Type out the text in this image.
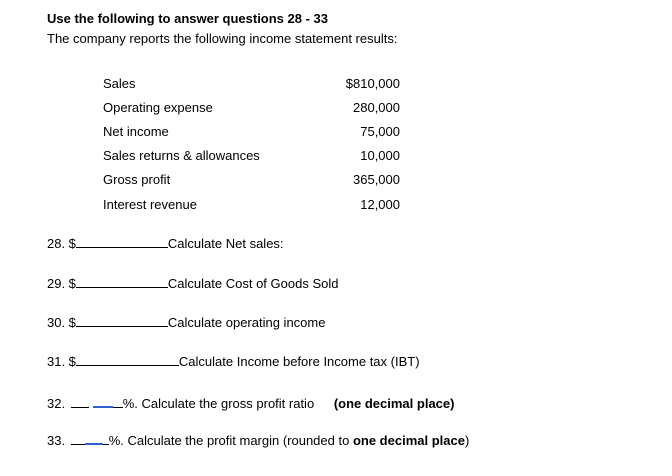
Use the following to answer questions 28 - 33
The company reports the following income statement results:
Sales	$810,000
Operating expense	280,000
Net income	75,000
Sales returns & allowances	10,000
Gross profit	365,000
Interest revenue	12,000
28. $	Calculate Net sales:
29. $	Calculate Cost of Goods Sold
30. $	Calculate operating income
31. $	Calculate Income before Income tax (IBT)
32.	%. Calculate the gross profit ratio (one decimal place)
33.	%. Calculate the profit margin (rounded to one decimal place)
